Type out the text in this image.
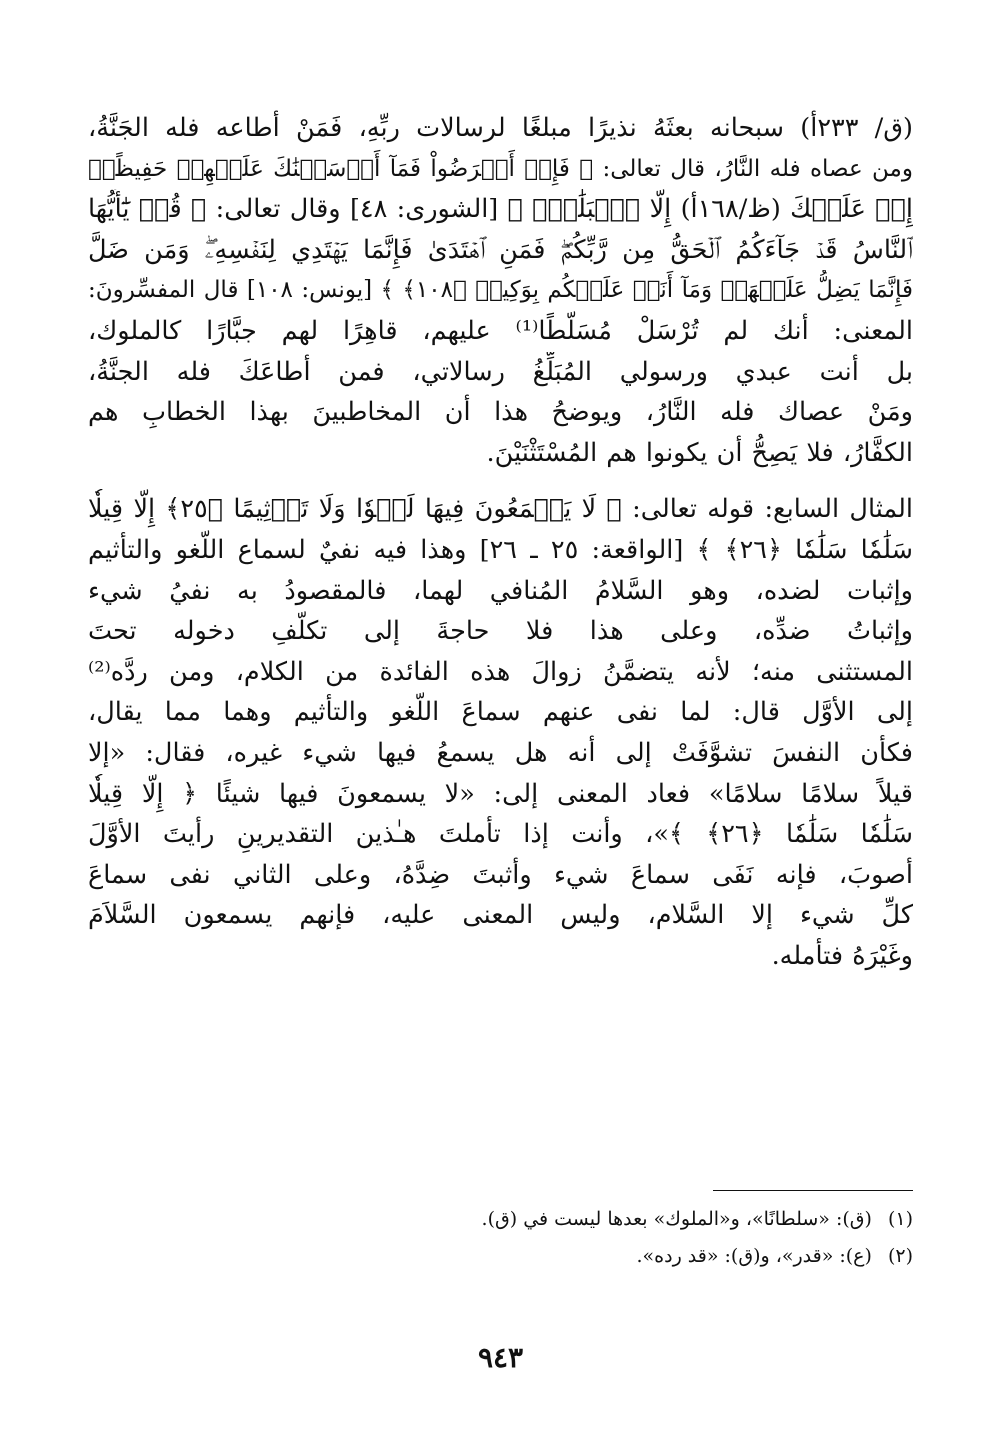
(ق/ ٢٣٣أ) سبحانه بعثَهُ نذيرًا مبلغًا لرسالات ربِّهِ، فَمَنْ أطاعه فله الجَنَّةُ،
ومن عصاه فله النَّارُ، قال تعالى: ﴿ فَإِنۡ أَعۡرَضُواْ فَمَآ أَرۡسَلۡنَٰكَ عَلَيۡهِمۡ حَفِيظًاۖ
إِنۡ عَلَيۡكَ (ظ/١٦٨أ) إِلَّا ٱلۡبَلَٰغُۗ ﴾ [الشورى: ٤٨] وقال تعالى: ﴿ قُلۡ يَٰٓأَيُّهَا
ٱلنَّاسُ قَدۡ جَآءَكُمُ ٱلۡحَقُّ مِن رَّبِّكُمۡۖ فَمَنِ ٱهۡتَدَىٰ فَإِنَّمَا يَهۡتَدِي لِنَفۡسِهِۦۖ وَمَن ضَلَّ
فَإِنَّمَا يَضِلُّ عَلَيۡهَاۖ وَمَآ أَنَا۠ عَلَيۡكُم بِوَكِيلٖ ﴿١٠٨﴾ ﴾ [يونس: ١٠٨] قال المفسِّرونَ:
المعنى: أنك لم تُرْسَلْ مُسَلَّطًا⁽¹⁾ عليهم، قاهِرًا لهم جبَّارًا كالملوك،
بل أنت عبدي ورسولي المُبَلِّغُ رسالاتي، فمن أطاعَكَ فله الجنَّةُ،
ومَنْ عصاك فله النَّارُ، ويوضحُ هذا أن المخاطبينَ بهذا الخطابِ هم
الكفَّارُ، فلا يَصِحُّ أن يكونوا هم المُسْتَثْنَيْنَ.
المثال السابع: قوله تعالى: ﴿ لَا يَسۡمَعُونَ فِيهَا لَغۡوٗا وَلَا تَأۡثِيمًا ﴿٢٥﴾ إِلَّا قِيلٗا
سَلَٰمٗا سَلَٰمٗا ﴿٢٦﴾ ﴾ [الواقعة: ٢٥ ـ ٢٦] وهذا فيه نفيٌ لسماع اللَّغو والتأثيم
وإثبات لضده، وهو السَّلامُ المُنافي لهما، فالمقصودُ به نفيُ شيء
وإثباتُ ضدِّه، وعلى هذا فلا حاجةَ إلى تكلُّفِ دخوله تحتَ
المستثنى منه؛ لأنه يتضمَّنُ زوالَ هذه الفائدة من الكلام، ومن ردَّه⁽²⁾
إلى الأوَّل قال: لما نفى عنهم سماعَ اللَّغو والتأثيم وهما مما يقال،
فكأن النفسَ تشوَّفَتْ إلى أنه هل يسمعُ فيها شيء غيره، فقال: «إلا
قيلاً سلامًا سلامًا» فعاد المعنى إلى: «لا يسمعونَ فيها شيئًا ﴿ إِلَّا قِيلٗا
سَلَٰمٗا سَلَٰمٗا ﴿٢٦﴾ ﴾»، وأنت إذا تأملتَ هـٰذين التقديرينِ رأيتَ الأوَّلَ
أصوبَ، فإنه نَفَى سماعَ شيء وأثبتَ ضِدَّهُ، وعلى الثاني نفى سماعَ
كلِّ شيء إلا السَّلام، وليس المعنى عليه، فإنهم يسمعون السَّلاَمَ
وغَيْرَهُ فتأمله.

(١)(ق): «سلطانًا»، و«الملوك» بعدها ليست في (ق).

(٢)(ع): «قدر»، و(ق): «قد رده».

٩٤٣
